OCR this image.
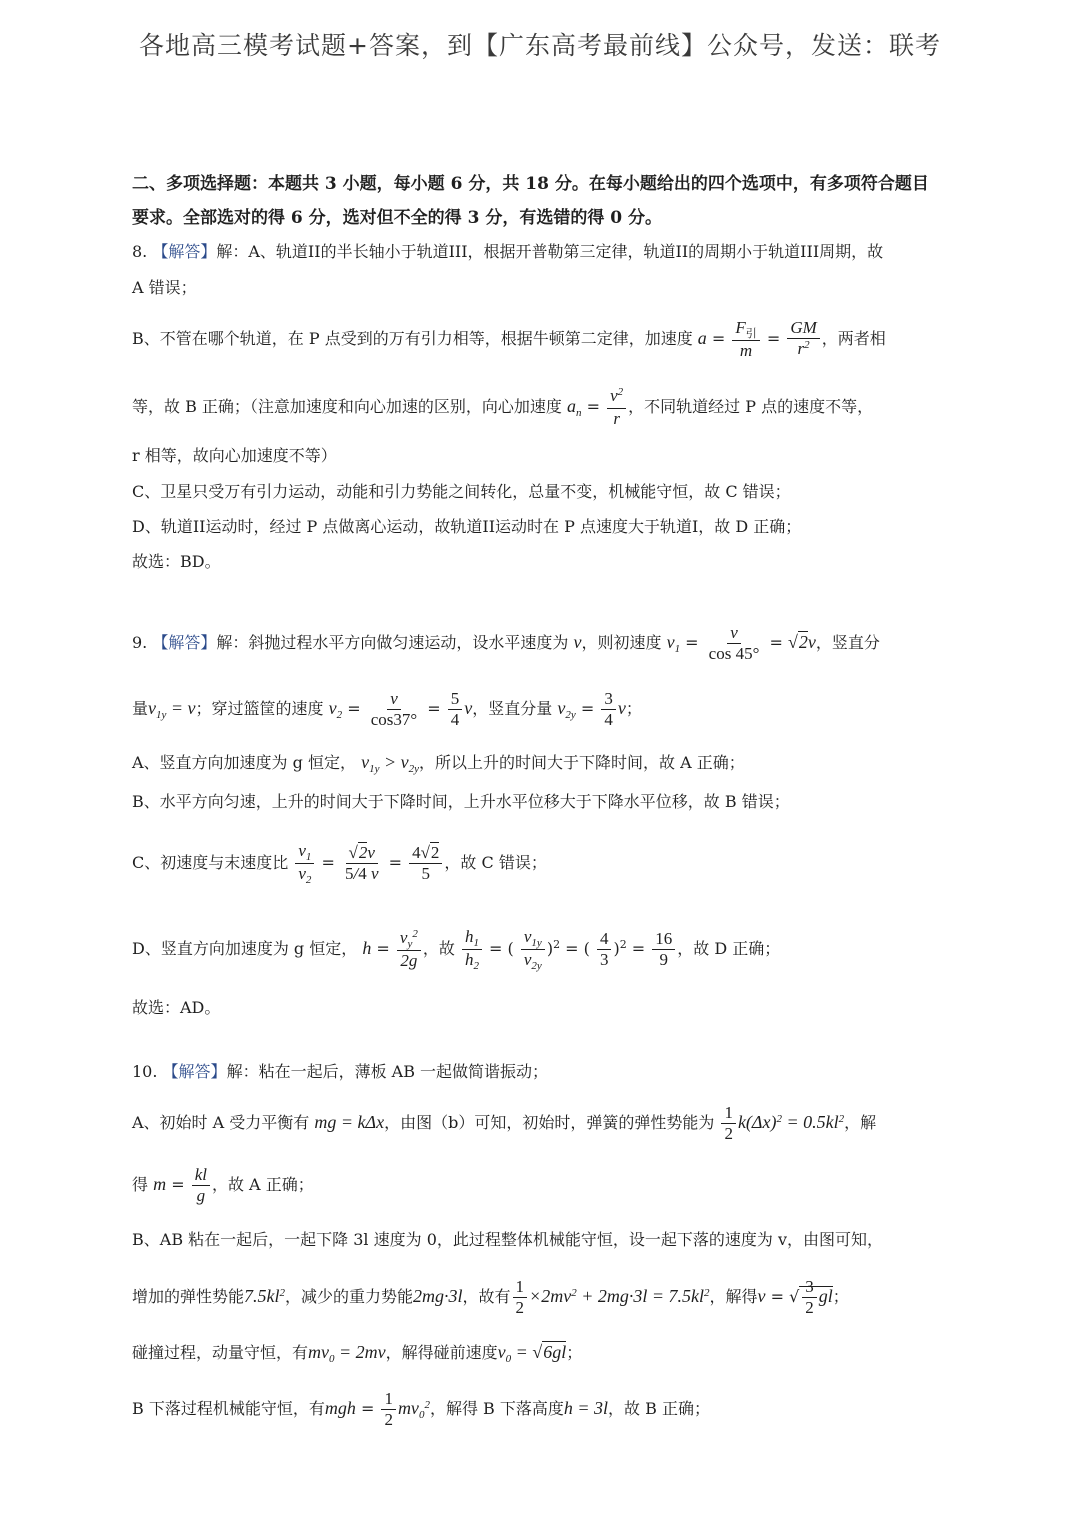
各地高三模考试题+答案，到【广东高考最前线】公众号，发送：联考
二、多项选择题：本题共 3 小题，每小题 6 分，共 18 分。在每小题给出的四个选项中，有多项符合题目
要求。全部选对的得 6 分，选对但不全的得 3 分，有选错的得 0 分。
8. 【解答】解：A、轨道II的半长轴小于轨道III，根据开普勒第三定律，轨道II的周期小于轨道III周期，故
A 错误；
B、不管在哪个轨道，在 P 点受到的万有引力相等，根据牛顿第二定律，加速度 $a = \frac{F_引}{m} = \frac{GM}{r^2}$ ，两者相
等，故 B 正确；（注意加速度和向心加速的区别，向心加速度 $a_n = \frac{v^2}{r}$ ，不同轨道经过 P 点的速度不等，
r 相等，故向心加速度不等）
C、卫星只受万有引力运动，动能和引力势能之间转化，总量不变，机械能守恒，故 C 错误；
D、轨道II运动时，经过 P 点做离心运动，故轨道II运动时在 P 点速度大于轨道I，故 D 正确；
故选：BD。
9. 【解答】解：斜抛过程水平方向做匀速运动，设水平速度为 v，则初速度 $v_1 = \frac{v}{\cos 45^\circ} = √2v$，竖直分
量$v_{1y} = v$；穿过篮筐的速度 $v_2 = \frac{v}{\cos 37^\circ} = \frac{5}{4}$ v，竖直分量 $v_{2y} = \frac{3}{4}$ v；
A、竖直方向加速度为 g 恒定， $v_{1y} > v_{2y}$，所以上升的时间大于下降时间，故 A 正确；
B、水平方向匀速，上升的时间大于下降时间，上升水平位移大于下降水平位移，故 B 错误；
C、初速度与末速度比 $\frac{v_1}{v_2} = \frac{√2v}{5/4 v} = \frac{4√2}{5}$ ，故 C 错误；
D、竖直方向加速度为 g 恒定， $h = \frac{v_y^2}{2g}$ ，故 $\frac{h_1}{h_2}$ = ( $\frac{v_{1y}}{v_{2y}} )^2$ = ( $\frac{4}{3} )^2 = \frac{16}{9}$ ，故 D 正确；
故选：AD。
10. 【解答】解：粘在一起后，薄板 AB 一起做简谐振动；
A、初始时 A 受力平衡有 mg = kΔx，由图（b）可知，初始时，弹簧的弹性势能为 $\frac{1}{2} k(\Delta x)^2 = 0.5kl^2$，解
得 $m = \frac{kl}{g}$ ，故 A 正确；
B、AB 粘在一起后，一起下降 3l 速度为 0，此过程整体机械能守恒，设一起下落的速度为 v，由图可知，
增加的弹性势能$7.5kl^2$，减少的重力势能2mg·3l，故有 $\frac{1}{2} \times 2mv^2 + 2mg\cdot 3l = 7.5kl^2$，解得v = √ $\frac{3}{2}$ gl；
碰撞过程，动量守恒，有$mv_0 = 2mv$，解得碰前速度$v_0 = √6gl$；
B 下落过程机械能守恒，有mgh = $\frac{1}{2} mv_0^2$，解得 B 下落高度h = 3l，故 B 正确；
